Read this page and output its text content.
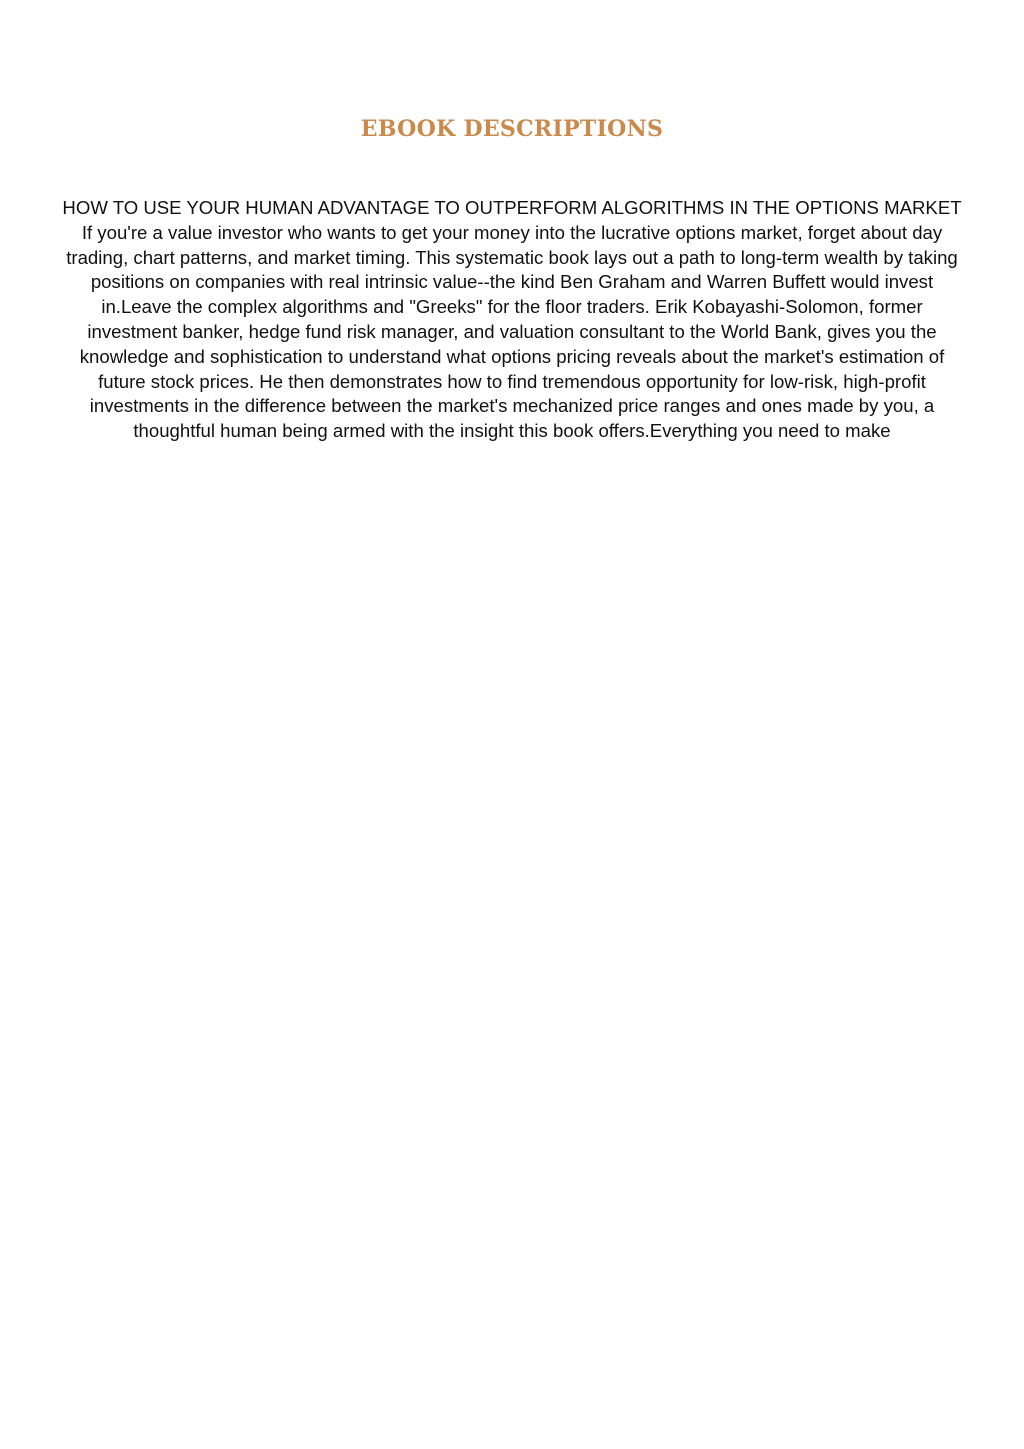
EBOOK DESCRIPTIONS

HOW TO USE YOUR HUMAN ADVANTAGE TO OUTPERFORM ALGORITHMS IN THE OPTIONS MARKET If you're a value investor who wants to get your money into the lucrative options market, forget about day trading, chart patterns, and market timing. This systematic book lays out a path to long-term wealth by taking positions on companies with real intrinsic value--the kind Ben Graham and Warren Buffett would invest in.Leave the complex algorithms and "Greeks" for the floor traders. Erik Kobayashi-Solomon, former investment banker, hedge fund risk manager, and valuation consultant to the World Bank, gives you the knowledge and sophistication to understand what options pricing reveals about the market's estimation of future stock prices. He then demonstrates how to find tremendous opportunity for low-risk, high-profit investments in the difference between the market's mechanized price ranges and ones made by you, a thoughtful human being armed with the insight this book offers.Everything you need to make
